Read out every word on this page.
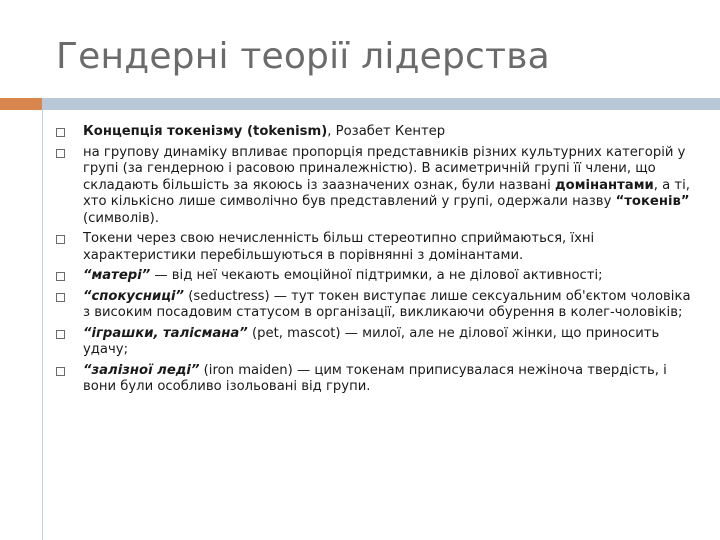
Гендерні теорії лідерства
Концепція токенізму (tokenism), Розабет Кентер
на групову динаміку впливає пропорція представників різних культурних категорій у групі (за гендерною і расовою приналежністю). В асиметричній групі її члени, що складають більшість за якоюсь із заазначених ознак, були названі домінантами, а ті, хто кількісно лише символічно був представлений у групі, одержали назву “токенів” (символів).
Токени через свою нечисленність більш стереотипно сприймаються, їхні характеристики перебільшуються в порівнянні з домінантами.
“матері” — від неї чекають емоційної підтримки, а не ділової активності;
“спокусниці” (seductress) — тут токен виступає лише сексуальним об'єктом чоловіка з високим посадовим статусом в організації, викликаючи обурення в колег-чоловіків;
“іграшки, талісмана” (pet, mascot) — милої, але не ділової жінки, що приносить удачу;
“залізної леді” (iron maiden) — цим токенам приписувалася нежіноча твердість, і вони були особливо ізольовані від групи.
